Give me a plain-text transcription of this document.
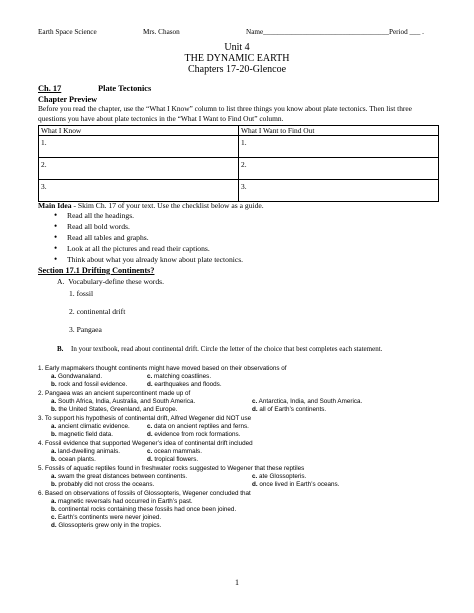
Earth Space Science	Mrs. Chason	Name___________________________________Period ___ .
Unit 4
THE DYNAMIC EARTH
Chapters 17-20-Glencoe
Ch. 17	Plate Tectonics
Chapter Preview
Before you read the chapter, use the “What I Know” column to list three things you know about plate tectonics. Then list three questions you have about plate tectonics in the “What I Want to Find Out” column.
What I Know	What I Want to Find Out
1.	1.
2.	2.
3.	3.
Main Idea - Skim Ch. 17 of your text. Use the checklist below as a guide.
• Read all the headings.
• Read all bold words.
• Read all tables and graphs.
• Look at all the pictures and read their captions.
• Think about what you already know about plate tectonics.
Section 17.1 Drifting Continents?
A. Vocabulary-define these words.
1. fossil
2. continental drift
3. Pangaea
B.	In your textbook, read about continental drift. Circle the letter of the choice that best completes each statement.
1. Early mapmakers thought continents might have moved based on their observations of
a. Gondwanaland.	c. matching coastlines.
b. rock and fossil evidence.	d. earthquakes and floods.
2. Pangaea was an ancient supercontinent made up of
a. South Africa, India, Australia, and South America.	c. Antarctica, India, and South America.
b. the United States, Greenland, and Europe.	d. all of Earth’s continents.
3. To support his hypothesis of continental drift, Alfred Wegener did NOT use
a. ancient climatic evidence.	c. data on ancient reptiles and ferns.
b. magnetic field data.	d. evidence from rock formations.
4. Fossil evidence that supported Wegener’s idea of continental drift included
a. land-dwelling animals.	c. ocean mammals.
b. ocean plants.	d. tropical flowers.
5. Fossils of aquatic reptiles found in freshwater rocks suggested to Wegener that these reptiles
a. swam the great distances between continents.	c. ate Glossopteris.
b. probably did not cross the oceans.	d. once lived in Earth’s oceans.
6. Based on observations of fossils of Glossopteris, Wegener concluded that
a. magnetic reversals had occurred in Earth’s past.
b. continental rocks containing these fossils had once been joined.
c. Earth’s continents were never joined.
d. Glossopteris grew only in the tropics.
1
